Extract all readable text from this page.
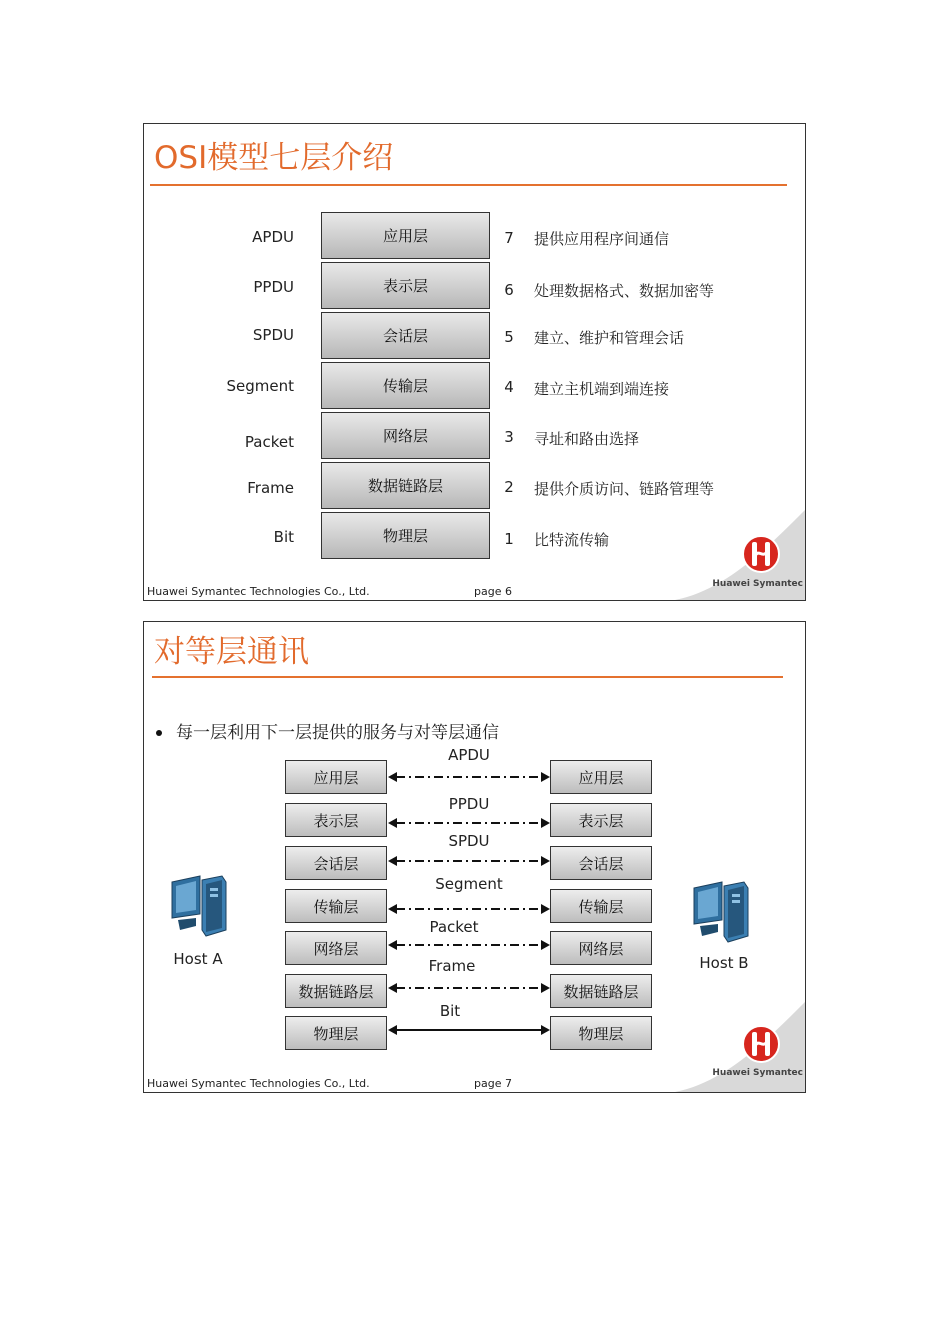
OSI模型七层介绍
APDU	应用层	7 提供应用程序间通信
PPDU	表示层	6 处理数据格式、数据加密等
SPDU	会话层	5 建立、维护和管理会话
Segment	传输层	4 建立主机端到端连接
Packet	网络层	3 寻址和路由选择
Frame	数据链路层	2 提供介质访问、链路管理等
Bit	物理层	1 比特流传输
Huawei Symantec
Huawei Symantec Technologies Co., Ltd.	page 6
对等层通讯
每一层利用下一层提供的服务与对等层通信
APDU
应用层	应用层
PPDU
表示层	表示层
SPDU
会话层	会话层
Segment
传输层	传输层
Packet
网络层	网络层
Frame
数据链路层	数据链路层
Bit
物理层	物理层
Host A	Host B
Huawei Symantec
Huawei Symantec Technologies Co., Ltd.	page 7
